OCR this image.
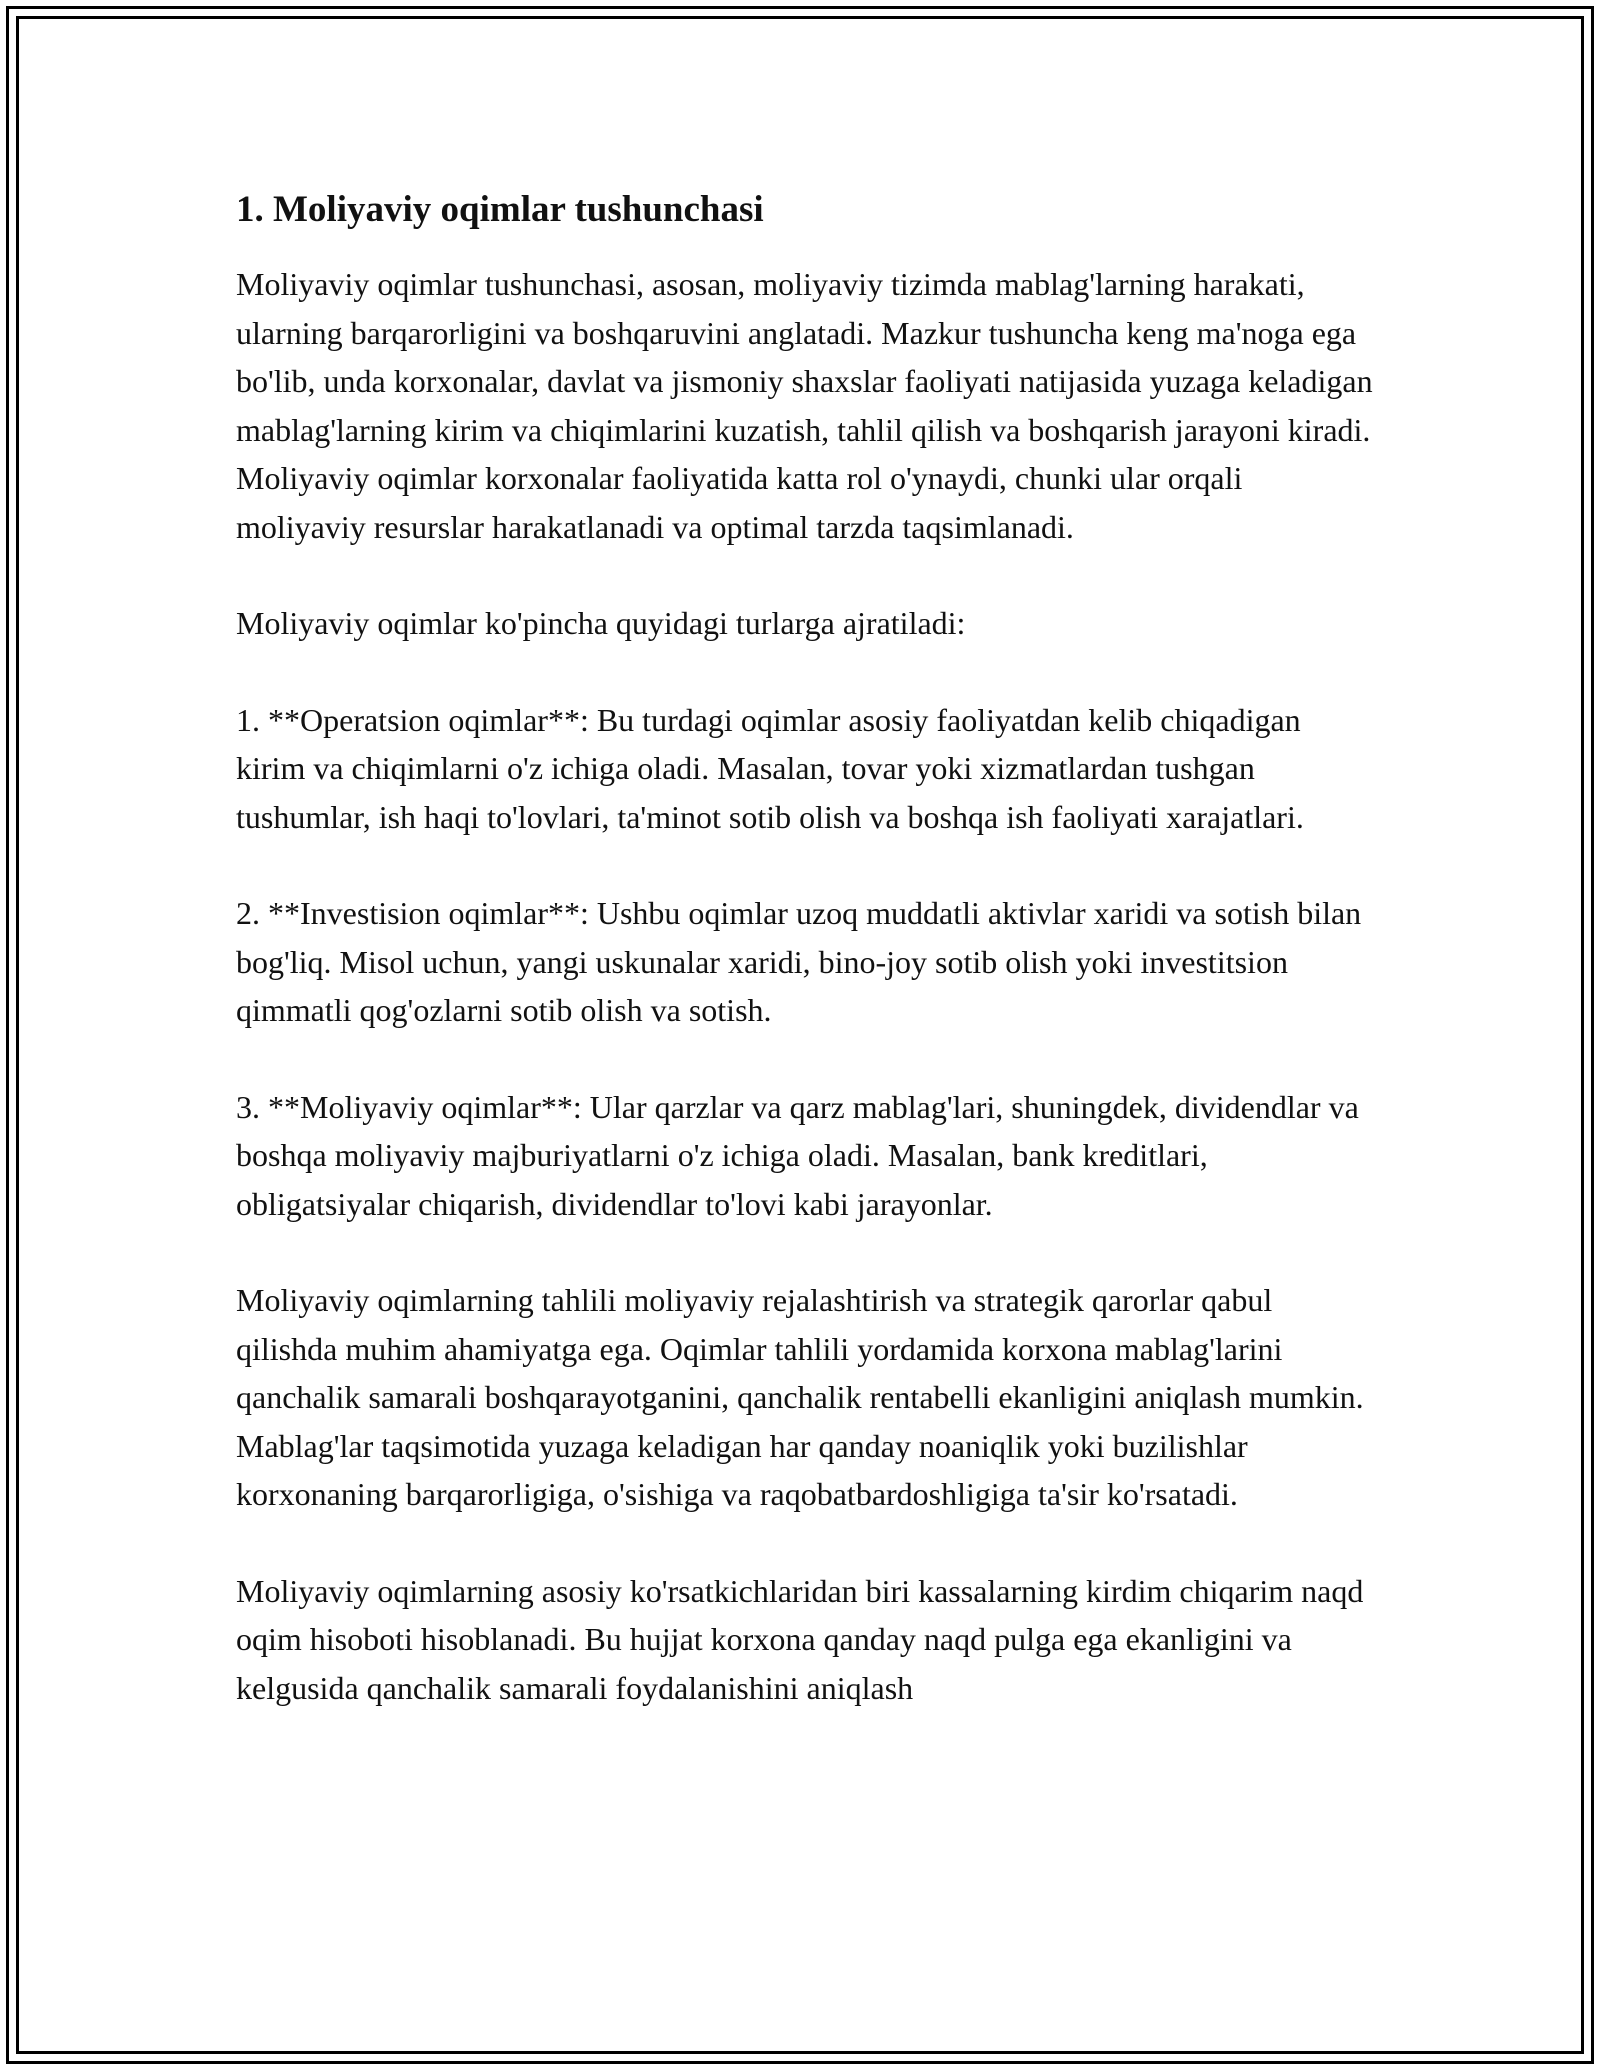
1. Moliyaviy oqimlar tushunchasi

Moliyaviy oqimlar tushunchasi, asosan, moliyaviy tizimda mablag'larning harakati, ularning barqarorligini va boshqaruvini anglatadi. Mazkur tushuncha keng ma'noga ega bo'lib, unda korxonalar, davlat va jismoniy shaxslar faoliyati natijasida yuzaga keladigan mablag'larning kirim va chiqimlarini kuzatish, tahlil qilish va boshqarish jarayoni kiradi. Moliyaviy oqimlar korxonalar faoliyatida katta rol o'ynaydi, chunki ular orqali moliyaviy resurslar harakatlanadi va optimal tarzda taqsimlanadi.

Moliyaviy oqimlar ko'pincha quyidagi turlarga ajratiladi:

1. **Operatsion oqimlar**: Bu turdagi oqimlar asosiy faoliyatdan kelib chiqadigan kirim va chiqimlarni o'z ichiga oladi. Masalan, tovar yoki xizmatlardan tushgan tushumlar, ish haqi to'lovlari, ta'minot sotib olish va boshqa ish faoliyati xarajatlari.

2. **Investision oqimlar**: Ushbu oqimlar uzoq muddatli aktivlar xaridi va sotish bilan bog'liq. Misol uchun, yangi uskunalar xaridi, bino-joy sotib olish yoki investitsion qimmatli qog'ozlarni sotib olish va sotish.

3. **Moliyaviy oqimlar**: Ular qarzlar va qarz mablag'lari, shuningdek, dividendlar va boshqa moliyaviy majburiyatlarni o'z ichiga oladi. Masalan, bank kreditlari, obligatsiyalar chiqarish, dividendlar to'lovi kabi jarayonlar.

Moliyaviy oqimlarning tahlili moliyaviy rejalashtirish va strategik qarorlar qabul qilishda muhim ahamiyatga ega. Oqimlar tahlili yordamida korxona mablag'larini qanchalik samarali boshqarayotganini, qanchalik rentabelli ekanligini aniqlash mumkin. Mablag'lar taqsimotida yuzaga keladigan har qanday noaniqlik yoki buzilishlar korxonaning barqarorligiga, o'sishiga va raqobatbardoshligiga ta'sir ko'rsatadi.

Moliyaviy oqimlarning asosiy ko'rsatkichlaridan biri kassalarning kirdim chiqarim naqd oqim hisoboti hisoblanadi. Bu hujjat korxona qanday naqd pulga ega ekanligini va kelgusida qanchalik samarali foydalanishini aniqlash
